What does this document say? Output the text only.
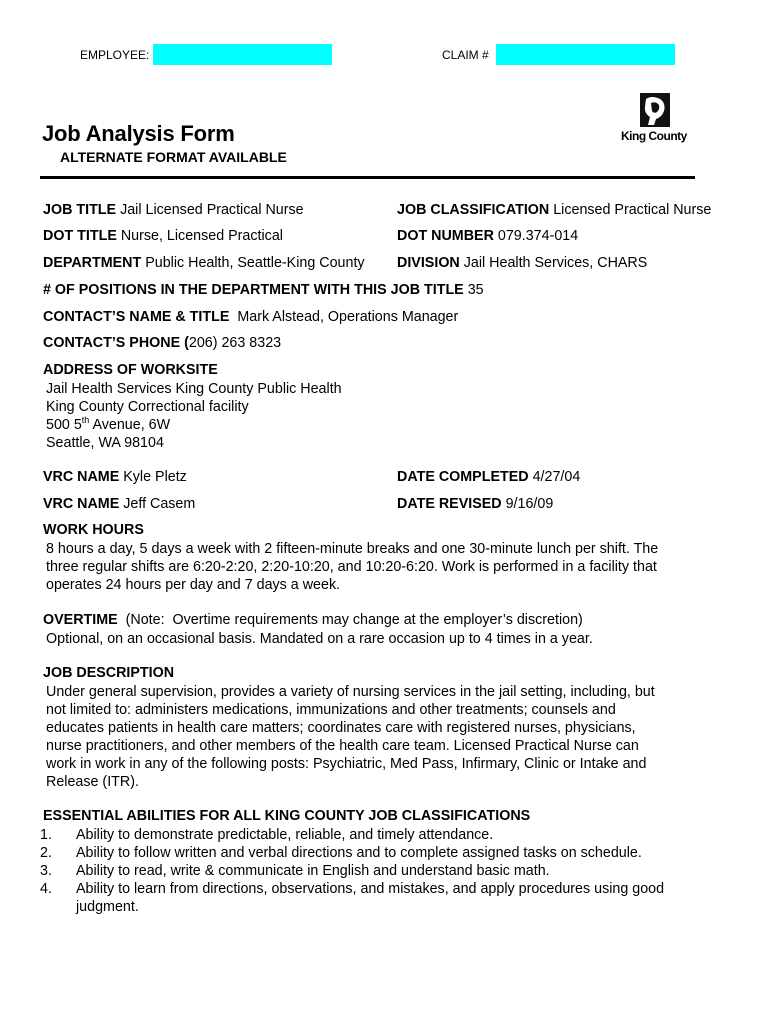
EMPLOYEE:	CLAIM #
King County
Job Analysis Form
ALTERNATE FORMAT AVAILABLE
JOB TITLE Jail Licensed Practical Nurse	JOB CLASSIFICATION Licensed Practical Nurse
DOT TITLE Nurse, Licensed Practical	DOT NUMBER 079.374-014
DEPARTMENT Public Health, Seattle-King County DIVISION Jail Health Services, CHARS
# OF POSITIONS IN THE DEPARTMENT WITH THIS JOB TITLE 35
CONTACT’S NAME & TITLE Mark Alstead, Operations Manager
CONTACT’S PHONE (206) 263 8323
ADDRESS OF WORKSITE
Jail Health Services King County Public Health
King County Correctional facility
500 5th Avenue, 6W
Seattle, WA 98104
VRC NAME Kyle Pletz	DATE COMPLETED 4/27/04
VRC NAME Jeff Casem	DATE REVISED 9/16/09
WORK HOURS
8 hours a day, 5 days a week with 2 fifteen-minute breaks and one 30-minute lunch per shift. The
three regular shifts are 6:20-2:20, 2:20-10:20, and 10:20-6:20. Work is performed in a facility that
operates 24 hours per day and 7 days a week.
OVERTIME  (Note:  Overtime requirements may change at the employer’s discretion)
Optional, on an occasional basis. Mandated on a rare occasion up to 4 times in a year.
JOB DESCRIPTION
Under general supervision, provides a variety of nursing services in the jail setting, including, but
not limited to: administers medications, immunizations and other treatments; counsels and
educates patients in health care matters; coordinates care with registered nurses, physicians,
nurse practitioners, and other members of the health care team. Licensed Practical Nurse can
work in work in any of the following posts: Psychiatric, Med Pass, Infirmary, Clinic or Intake and
Release (ITR).
ESSENTIAL ABILITIES FOR ALL KING COUNTY JOB CLASSIFICATIONS
1. Ability to demonstrate predictable, reliable, and timely attendance.
2. Ability to follow written and verbal directions and to complete assigned tasks on schedule.
3. Ability to read, write & communicate in English and understand basic math.
4. Ability to learn from directions, observations, and mistakes, and apply procedures using good
judgment.
